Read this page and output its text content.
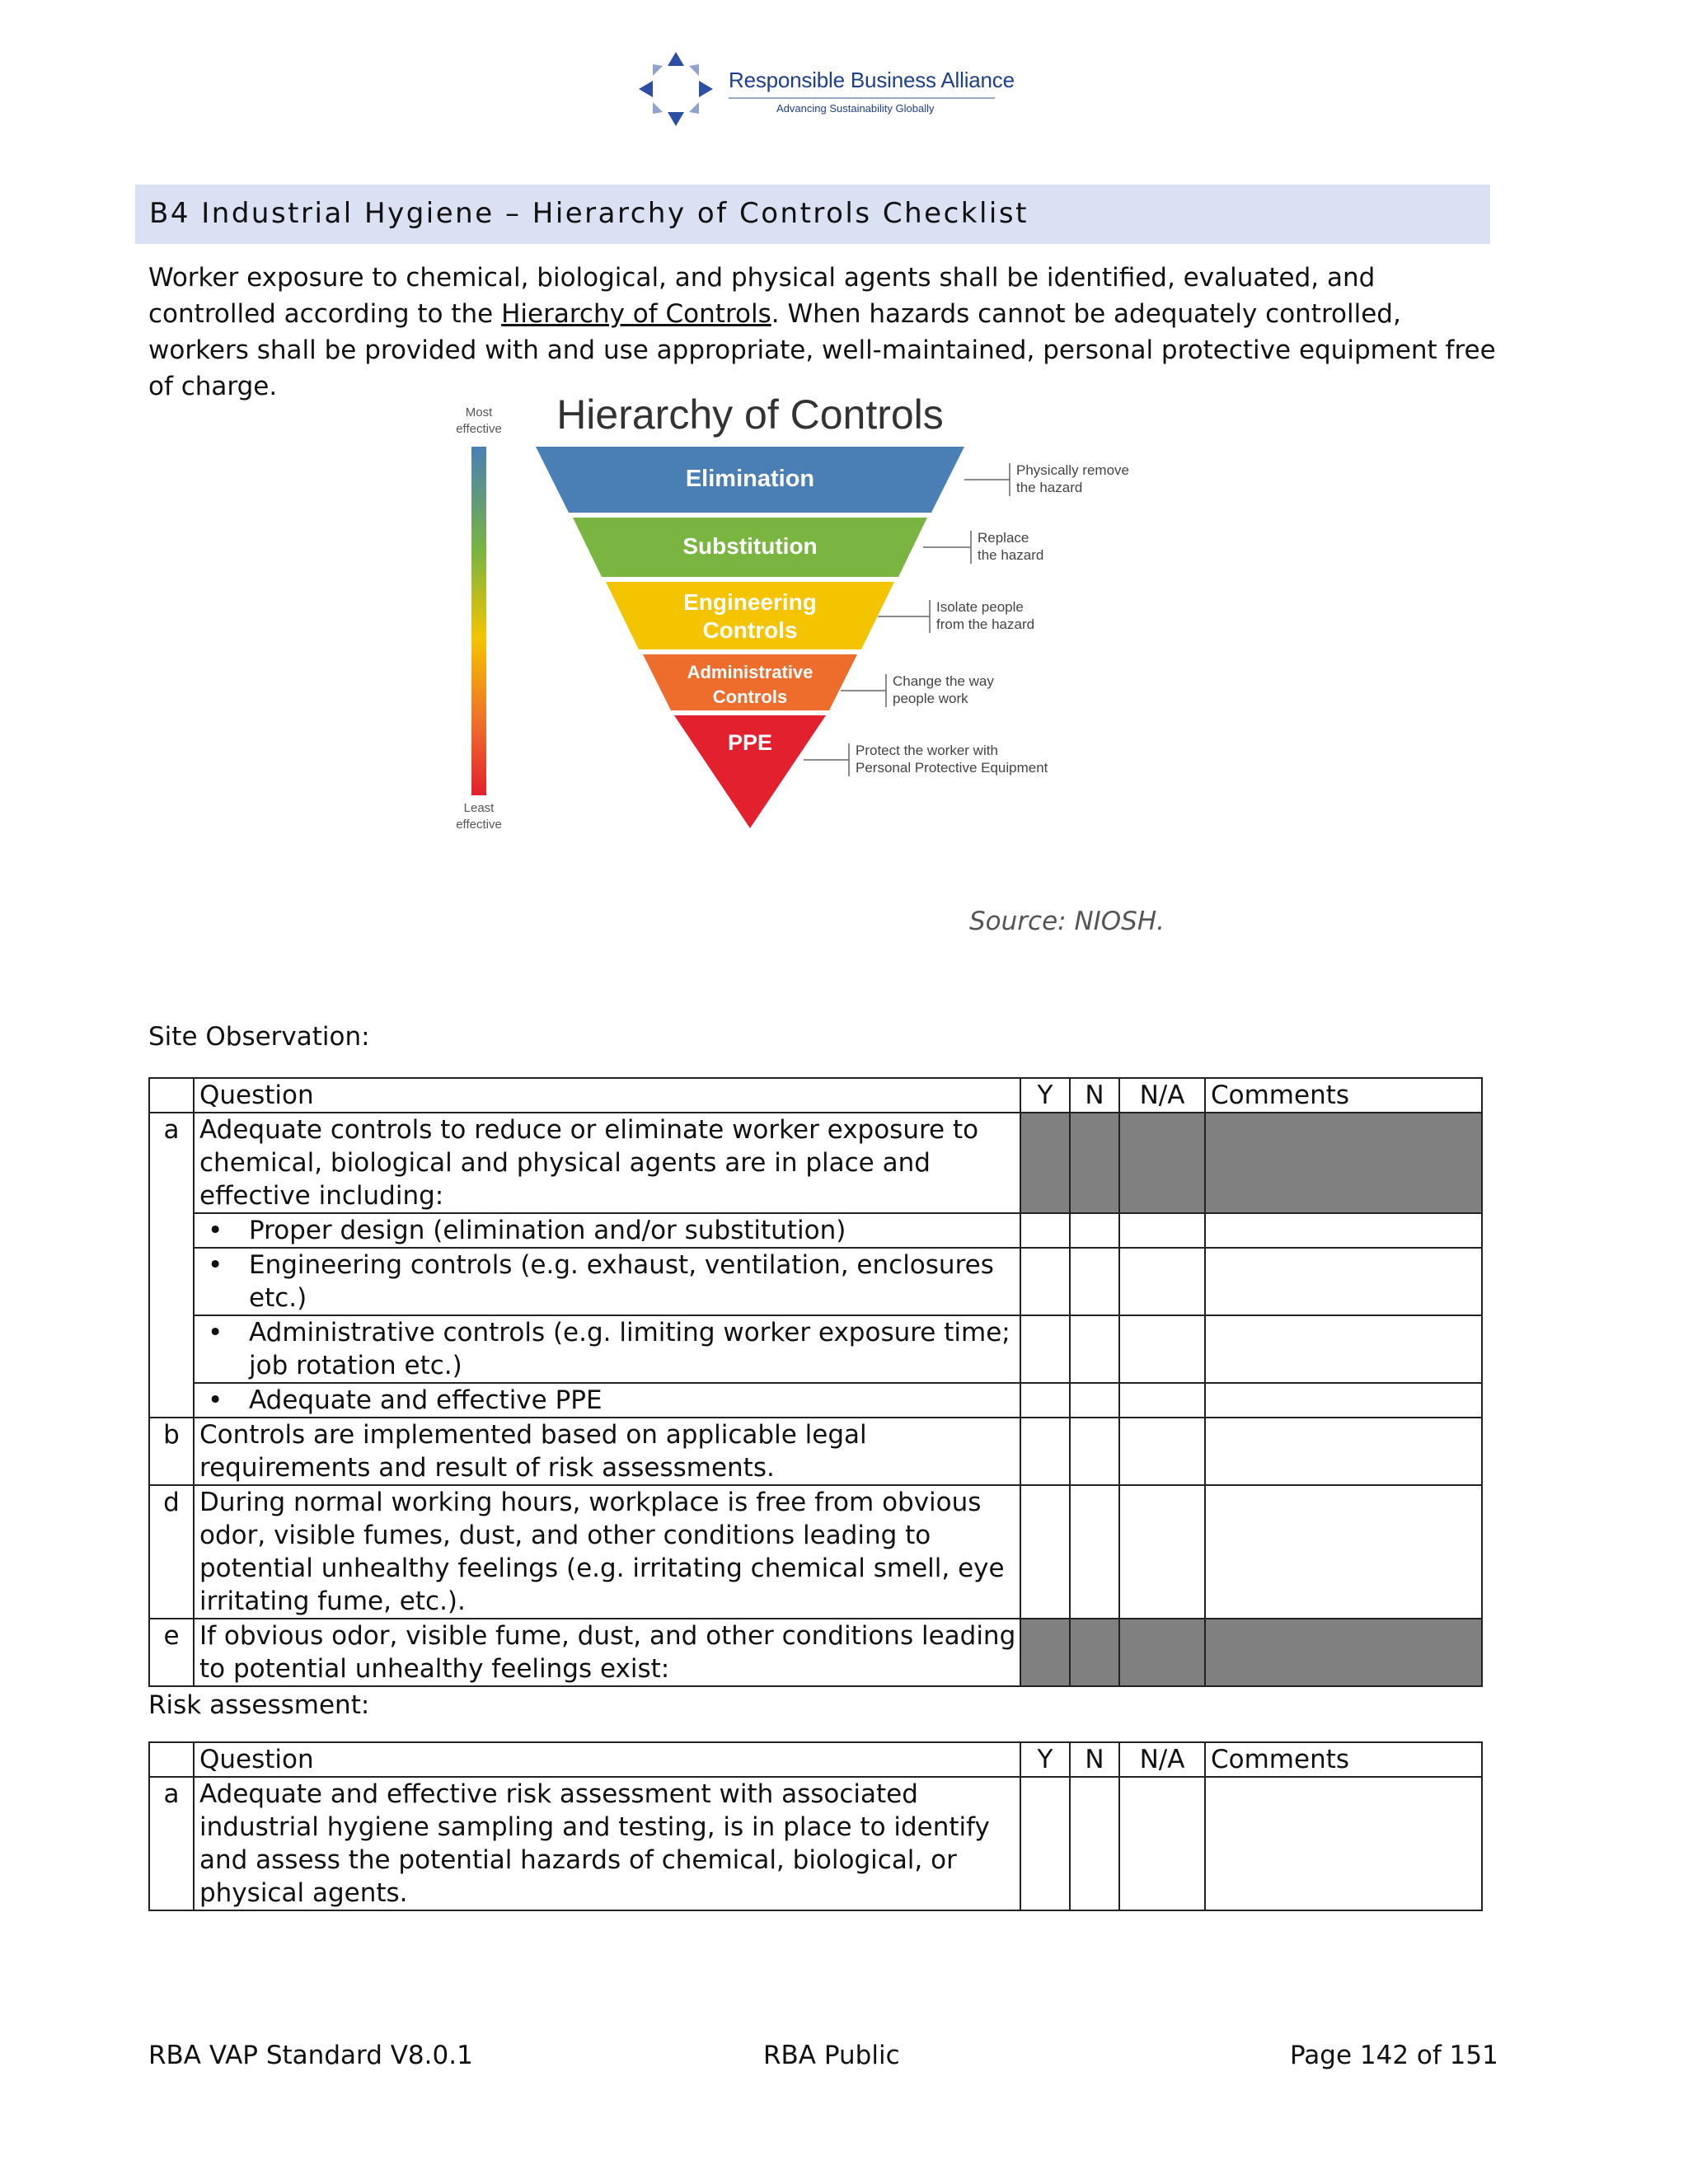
Responsible Business Alliance
Advancing Sustainability Globally
B4 Industrial Hygiene – Hierarchy of Controls Checklist
Worker exposure to chemical, biological, and physical agents shall be identified, evaluated, and controlled according to the Hierarchy of Controls. When hazards cannot be adequately controlled, workers shall be provided with and use appropriate, well-maintained, personal protective equipment free of charge.
Most
effective
Least
effective
Hierarchy of Controls
Elimination	Physically remove
the hazard
Substitution	Replace
the hazard
Engineering
Controls
Isolate people
from the hazard
Administrative
Controls
Change the way
people work
PPE	Protect the worker with
Personal Protective Equipment
Source: NIOSH.
Site Observation:
	Question	Y	N	N/A	Comments
a	Adequate controls to reduce or eliminate worker exposure to chemical, biological and physical agents are in place and effective including:				

	• Proper design (elimination and/or substitution)				

	• Engineering controls (e.g. exhaust, ventilation, enclosures etc.)				

	• Administrative controls (e.g. limiting worker exposure time; job rotation etc.)				

	• Adequate and effective PPE				

b	Controls are implemented based on applicable legal requirements and result of risk assessments.				
d	During normal working hours, workplace is free from obvious odor, visible fumes, dust, and other conditions leading to potential unhealthy feelings (e.g. irritating chemical smell, eye irritating fume, etc.).				
e	If obvious odor, visible fume, dust, and other conditions leading to potential unhealthy feelings exist:				
Risk assessment:
	Question	Y	N	N/A	Comments
a	Adequate and effective risk assessment with associated industrial hygiene sampling and testing, is in place to identify and assess the potential hazards of chemical, biological, or physical agents.				
RBA VAP Standard V8.0.1	RBA Public	Page 142 of 151
